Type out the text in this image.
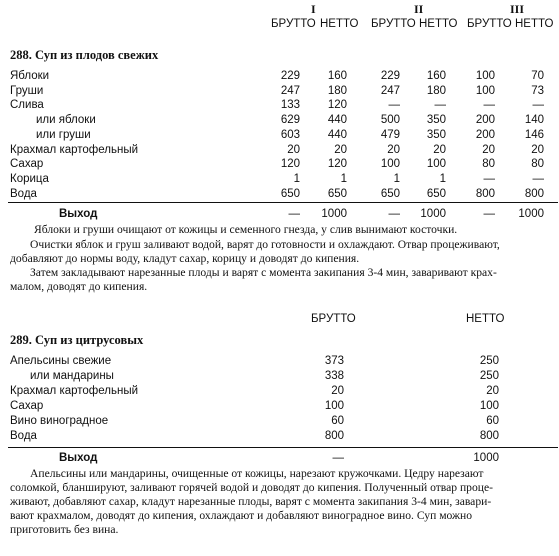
I	II	III
БРУТТО НЕТТО БРУТТО НЕТТО БРУТТО НЕТТО
288. Суп из плодов свежих
Яблоки	229	160	229	160	100	70
Груши	247	180	247	180	100	73
Слива	133	120	—	—	—	—
или яблоки	629	440	500	350	200	140
или груши	603	440	479	350	200	146
Крахмал картофельный	20	20	20	20	20	20
Сахар	120	120	100	100	80	80
Корица	1	1	1	1	—	—
Вода	650	650	650	650	800	800
Выход	—	1000	—	1000	—	1000
Яблоки и груши очищают от кожицы и семенного гнезда, у слив вынимают косточки.
Очистки яблок и груш заливают водой, варят до готовности и охлаждают. Отвар процеживают,
добавляют до нормы воду, кладут сахар, корицу и доводят до кипения.
Затем закладывают нарезанные плоды и варят с момента закипания 3-4 мин, заваривают крах-
малом, доводят до кипения.
БРУТТО	НЕТТО
289. Суп из цитрусовых
Апельсины свежие	373	250
или мандарины	338	250
Крахмал картофельный	20	20
Сахар	100	100
Вино виноградное	60	60
Вода	800	800
Выход	—	1000
Апельсины или мандарины, очищенные от кожицы, нарезают кружочками. Цедру нарезают
соломкой, бланшируют, заливают горячей водой и доводят до кипения. Полученный отвар проце-
живают, добавляют сахар, кладут нарезанные плоды, варят с момента закипания 3-4 мин, завари-
вают крахмалом, доводят до кипения, охлаждают и добавляют виноградное вино. Суп можно
приготовить без вина.
